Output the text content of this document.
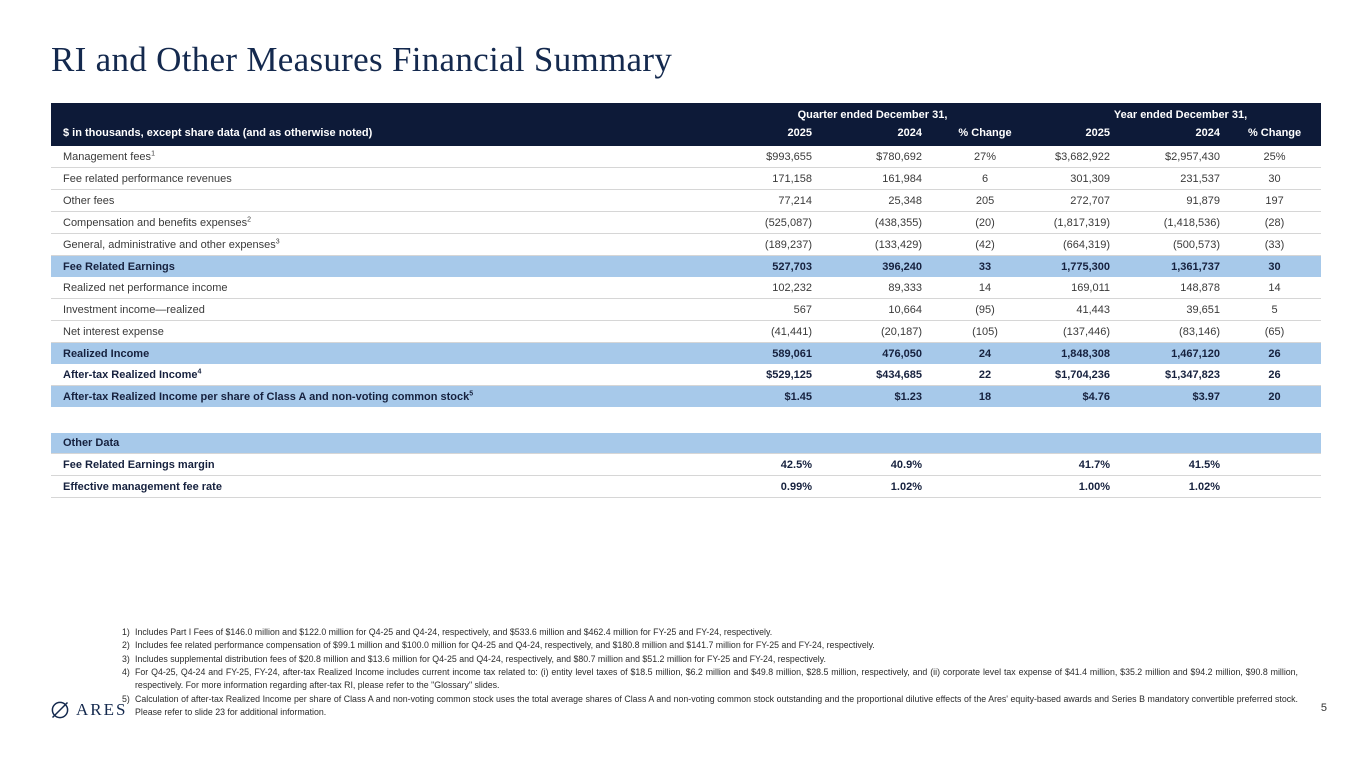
RI and Other Measures Financial Summary
	Quarter ended December 31,			Year ended December 31,		
$ in thousands, except share data (and as otherwise noted)	2025	2024	% Change	2025	2024	% Change
Management fees$^1$	$993,655	$780,692	27%	$3,682,922	$2,957,430	25%
Fee related performance revenues	171,158	161,984	6	301,309	231,537	30
Other fees	77,214	25,348	205	272,707	91,879	197
Compensation and benefits expenses$^2$	(525,087)	(438,355)	(20)	(1,817,319)	(1,418,536)	(28)
General, administrative and other expenses$^3$	(189,237)	(133,429)	(42)	(664,319)	(500,573)	(33)
Fee Related Earnings	527,703	396,240	33	1,775,300	1,361,737	30
Realized net performance income	102,232	89,333	14	169,011	148,878	14
Investment income—realized	567	10,664	(95)	41,443	39,651	5
Net interest expense	(41,441)	(20,187)	(105)	(137,446)	(83,146)	(65)
Realized Income	589,061	476,050	24	1,848,308	1,467,120	26
After-tax Realized Income$^4$	$529,125	$434,685	22	$1,704,236	$1,347,823	26
After-tax Realized Income per share of Class A and non-voting common stock$^5$	$1.45	$1.23	18	$4.76	$3.97	20
Other Data						
Fee Related Earnings margin	42.5%	40.9%		41.7%	41.5%	
Effective management fee rate	0.99%	1.02%		1.00%	1.02%	
1) Includes Part I Fees of $146.0 million and $122.0 million for Q4-25 and Q4-24, respectively, and $533.6 million and $462.4 million for FY-25 and FY-24, respectively.
2) Includes fee related performance compensation of $99.1 million and $100.0 million for Q4-25 and Q4-24, respectively, and $180.8 million and $141.7 million for FY-25 and FY-24, respectively.
3) Includes supplemental distribution fees of $20.8 million and $13.6 million for Q4-25 and Q4-24, respectively, and $80.7 million and $51.2 million for FY-25 and FY-24, respectively.
4) For Q4-25, Q4-24 and FY-25, FY-24, after-tax Realized Income includes current income tax related to: (i) entity level taxes of $18.5 million, $6.2 million and $49.8 million, $28.5 million, respectively, and (ii) corporate level tax expense of $41.4 million, $35.2 million and $94.2 million, $90.8 million, respectively. For more information regarding after-tax RI, please refer to the "Glossary" slides.
5) Calculation of after-tax Realized Income per share of Class A and non-voting common stock uses the total average shares of Class A and non-voting common stock outstanding and the proportional dilutive effects of the Ares' equity-based awards and Series B mandatory convertible preferred stock. Please refer to slide 23 for additional information.
ARES	5
